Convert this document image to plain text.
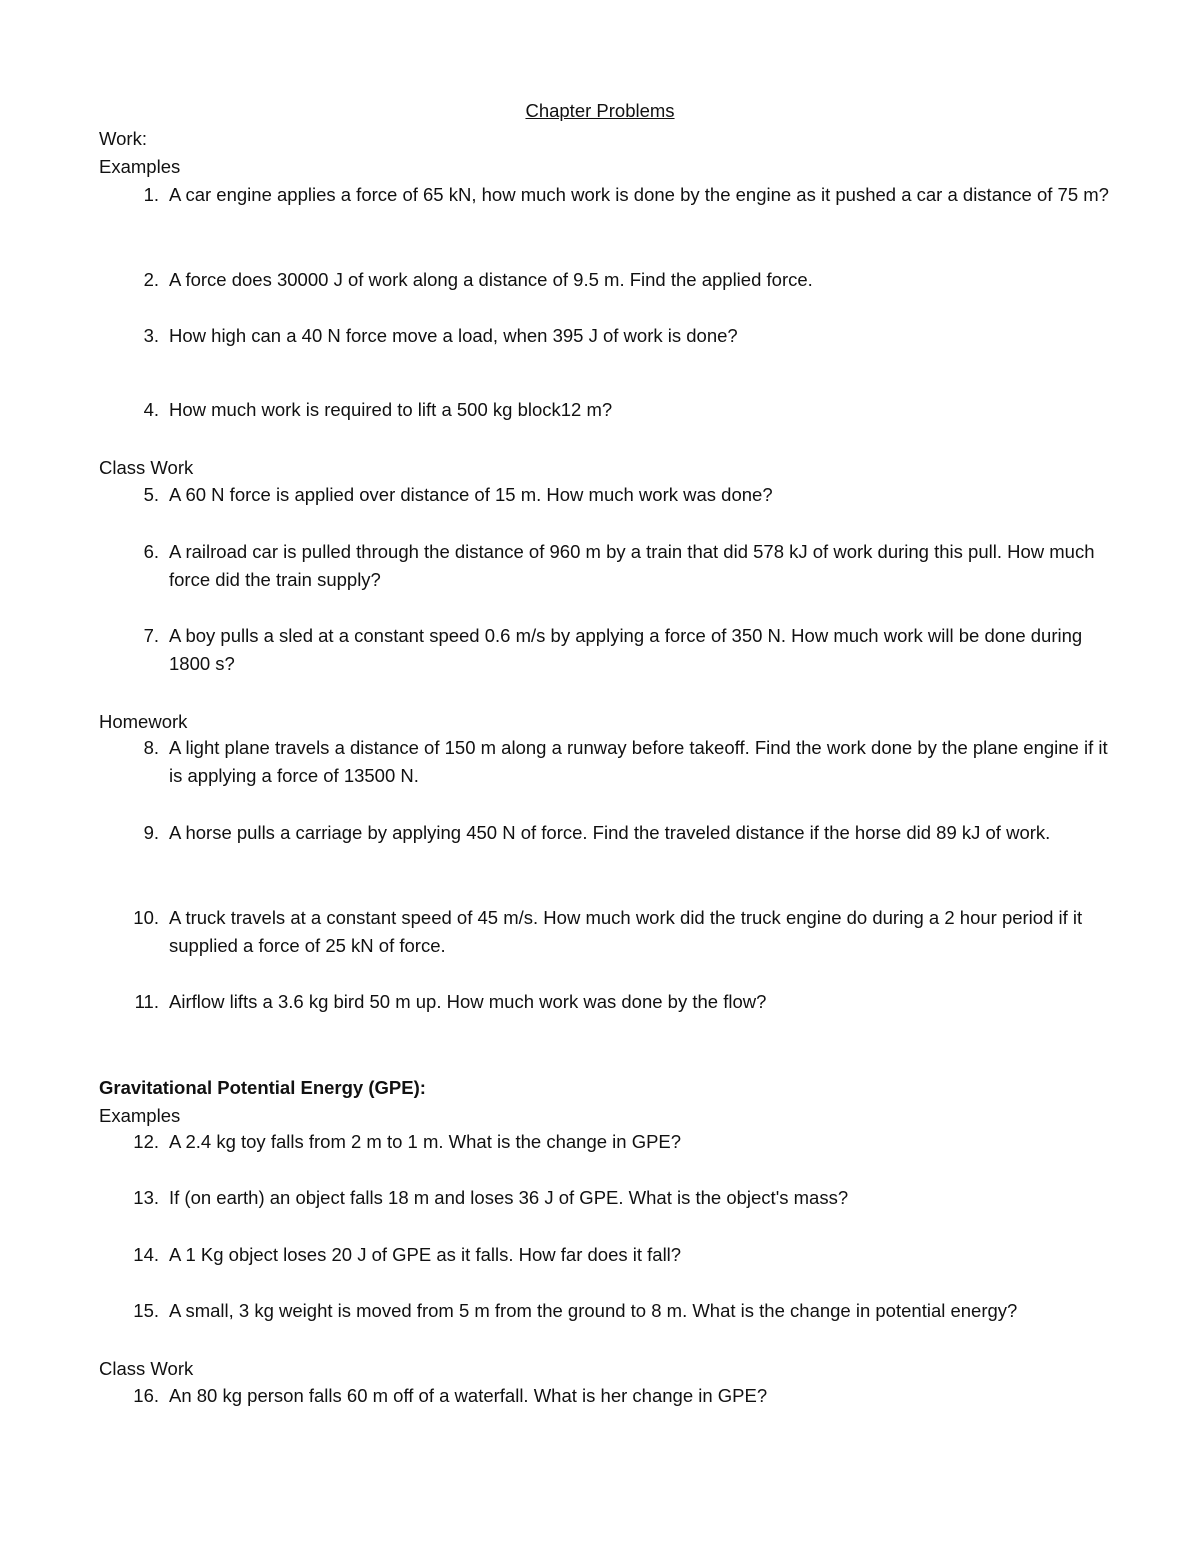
Chapter Problems
Work:
Examples
1. A car engine applies a force of 65 kN, how much work is done by the engine as it pushed a car a distance of 75 m?
2. A force does 30000 J of work along a distance of 9.5 m. Find the applied force.
3. How high can a 40 N force move a load, when 395 J of work is done?
4. How much work is required to lift a 500 kg block12 m?
Class Work
5. A 60 N force is applied over distance of 15 m. How much work was done?
6. A railroad car is pulled through the distance of 960 m by a train that did 578 kJ of work during this pull. How much force did the train supply?
7. A boy pulls a sled at a constant speed 0.6 m/s by applying a force of 350 N. How much work will be done during 1800 s?
Homework
8. A light plane travels a distance of 150 m along a runway before takeoff. Find the work done by the plane engine if it is applying a force of 13500 N.
9. A horse pulls a carriage by applying 450 N of force. Find the traveled distance if the horse did 89 kJ of work.
10. A truck travels at a constant speed of 45 m/s. How much work did the truck engine do during a 2 hour period if it supplied a force of 25 kN of force.
11. Airflow lifts a 3.6 kg bird 50 m up. How much work was done by the flow?
Gravitational Potential Energy (GPE):
Examples
12. A 2.4 kg toy falls from 2 m to 1 m. What is the change in GPE?
13. If (on earth) an object falls 18 m and loses 36 J of GPE. What is the object's mass?
14. A 1 Kg object loses 20 J of GPE as it falls. How far does it fall?
15. A small, 3 kg weight is moved from 5 m from the ground to 8 m. What is the change in potential energy?
Class Work
16. An 80 kg person falls 60 m off of a waterfall. What is her change in GPE?
